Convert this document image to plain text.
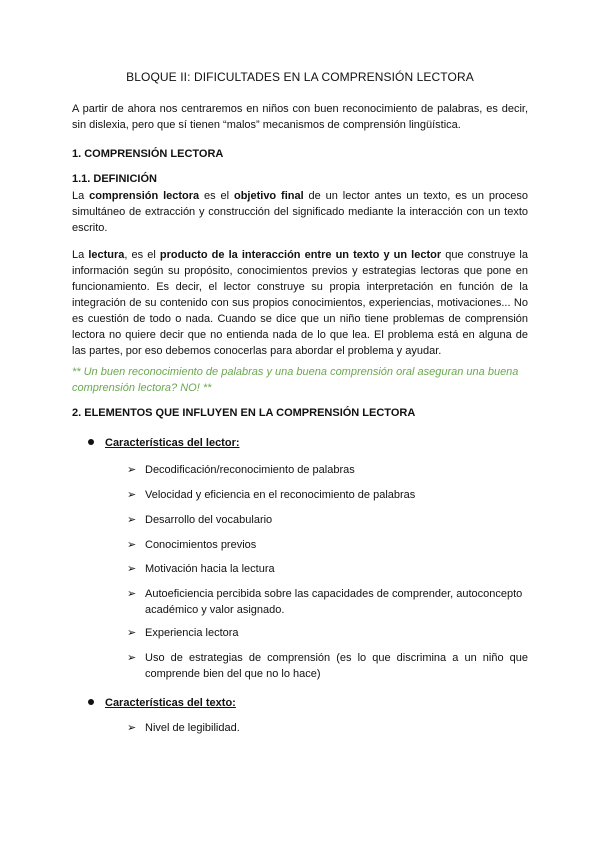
BLOQUE II: DIFICULTADES EN LA COMPRENSIÓN LECTORA
A partir de ahora nos centraremos en niños con buen reconocimiento de palabras, es decir, sin dislexia, pero que sí tienen “malos” mecanismos de comprensión lingüística.
1. COMPRENSIÓN LECTORA
1.1. DEFINICIÓN
La comprensión lectora es el objetivo final de un lector antes un texto, es un proceso simultáneo de extracción y construcción del significado mediante la interacción con un texto escrito.
La lectura, es el producto de la interacción entre un texto y un lector que construye la información según su propósito, conocimientos previos y estrategias lectoras que pone en funcionamiento. Es decir, el lector construye su propia interpretación en función de la integración de su contenido con sus propios conocimientos, experiencias, motivaciones... No es cuestión de todo o nada. Cuando se dice que un niño tiene problemas de comprensión lectora no quiere decir que no entienda nada de lo que lea. El problema está en alguna de las partes, por eso debemos conocerlas para abordar el problema y ayudar.
** Un buen reconocimiento de palabras y una buena comprensión oral aseguran una buena comprensión lectora? NO! **
2. ELEMENTOS QUE INFLUYEN EN LA COMPRENSIÓN LECTORA
Características del lector:
➢ Decodificación/reconocimiento de palabras
➢ Velocidad y eficiencia en el reconocimiento de palabras
➢ Desarrollo del vocabulario
➢ Conocimientos previos
➢ Motivación hacia la lectura
➢ Autoeficiencia percibida sobre las capacidades de comprender, autoconcepto académico y valor asignado.
➢ Experiencia lectora
➢ Uso de estrategias de comprensión (es lo que discrimina a un niño que comprende bien del que no lo hace)
Características del texto:
➢ Nivel de legibilidad.
